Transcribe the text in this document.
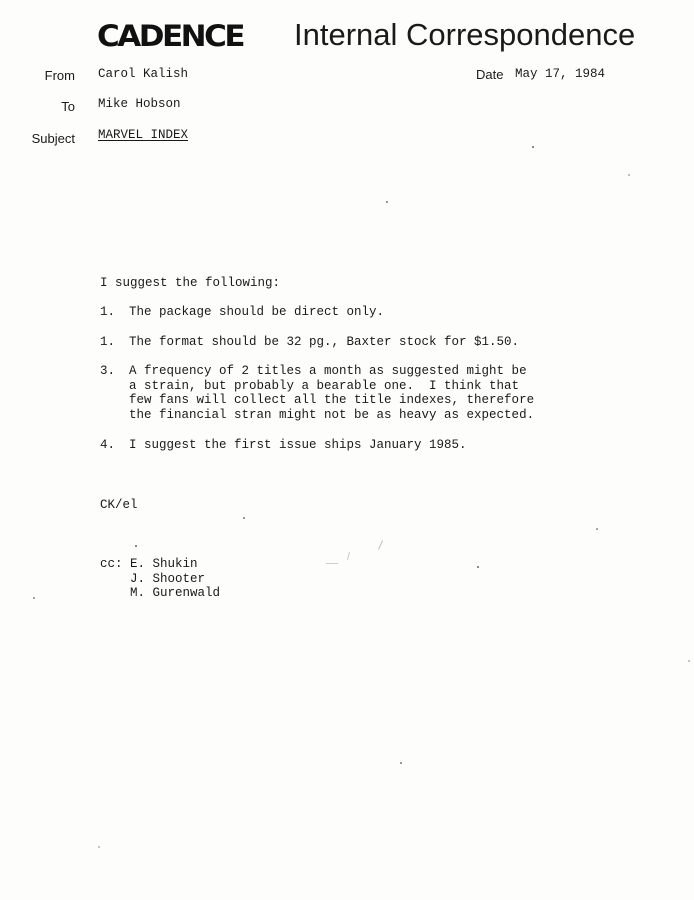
CADENCE Internal Correspondence
From Carol Kalish	Date May 17, 1984
To Mike Hobson
Subject MARVEL INDEX
I suggest the following:
1. The package should be direct only.
1. The format should be 32 pg., Baxter stock for $1.50.
3. A frequency of 2 titles a month as suggested might be
a strain, but probably a bearable one.  I think that
few fans will collect all the title indexes, therefore
the financial stran might not be as heavy as expected.
4. I suggest the first issue ships January 1985.
CK/el
cc: E. Shukin
J. Shooter
M. Gurenwald
